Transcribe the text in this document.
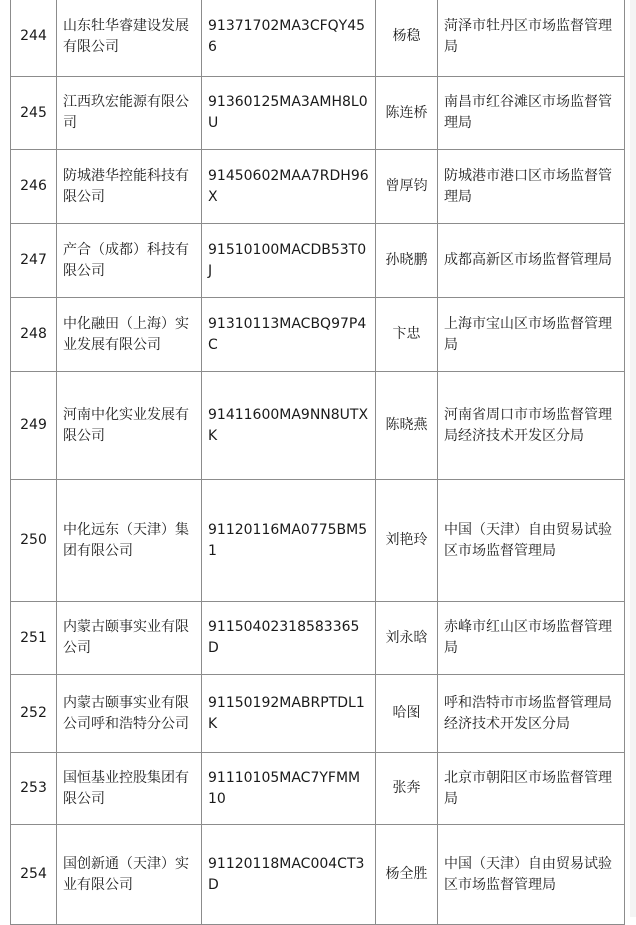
244	山东牡华睿建设发展有限公司	91371702MA3CFQY456	杨稳	菏泽市牡丹区市场监督管理局
245	江西玖宏能源有限公司	91360125MA3AMH8L0U	陈连桥	南昌市红谷滩区市场监督管理局
246	防城港华控能科技有限公司	91450602MAA7RDH96X	曾厚钧	防城港市港口区市场监督管理局
247	产合（成都）科技有限公司	91510100MACDB53T0J	孙晓鹏	成都高新区市场监督管理局
248	中化融田（上海）实业发展有限公司	91310113MACBQ97P4C	卞忠	上海市宝山区市场监督管理局
249	河南中化实业发展有限公司	91411600MA9NN8UTXK	陈晓燕	河南省周口市市场监督管理局经济技术开发区分局
250	中化远东（天津）集团有限公司	91120116MA0775BM51	刘艳玲	中国（天津）自由贸易试验区市场监督管理局
251	内蒙古颐事实业有限公司	91150402318583365D	刘永晗	赤峰市红山区市场监督管理局
252	内蒙古颐事实业有限公司呼和浩特分公司	91150192MABRPTDL1K	哈图	呼和浩特市市场监督管理局经济技术开发区分局
253	国恒基业控股集团有限公司	91110105MAC7YFMM10	张奔	北京市朝阳区市场监督管理局
254	国创新通（天津）实业有限公司	91120118MAC004CT3D	杨全胜	中国（天津）自由贸易试验区市场监督管理局
